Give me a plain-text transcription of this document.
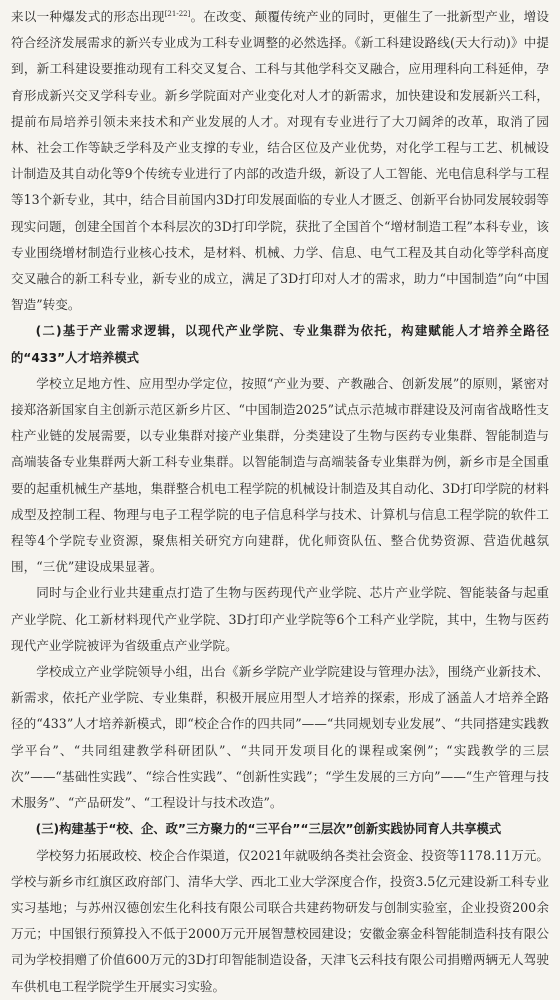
来以一种爆发式的形态出现[21-22]。在改变、颠覆传统产业的同时，更催生了一批新型产业，增设符合经济发展需求的新兴专业成为工科专业调整的必然选择。《新工科建设路线(天大行动)》中提到，新工科建设要推动现有工科交叉复合、工科与其他学科交叉融合，应用理科向工科延伸，孕育形成新兴交叉学科专业。新乡学院面对产业变化对人才的新需求，加快建设和发展新兴工科，提前布局培养引领未来技术和产业发展的人才。对现有专业进行了大刀阔斧的改革，取消了园林、社会工作等缺乏学科及产业支撑的专业，结合区位及产业优势，对化学工程与工艺、机械设计制造及其自动化等9个传统专业进行了内部的改造升级，新设了人工智能、光电信息科学与工程等13个新专业，其中，结合目前国内3D打印发展面临的专业人才匮乏、创新平台协同发展较弱等现实问题，创建全国首个本科层次的3D打印学院，获批了全国首个“增材制造工程”本科专业，该专业围绕增材制造行业核心技术，是材料、机械、力学、信息、电气工程及其自动化等学科高度交叉融合的新工科专业，新专业的成立，满足了3D打印对人才的需求，助力“中国制造”向“中国智造”转变。

(二)基于产业需求逻辑，以现代产业学院、专业集群为依托，构建赋能人才培养全路径的“433”人才培养模式

学校立足地方性、应用型办学定位，按照“产业为要、产教融合、创新发展”的原则，紧密对接郑洛新国家自主创新示范区新乡片区、“中国制造2025”试点示范城市群建设及河南省战略性支柱产业链的发展需要，以专业集群对接产业集群，分类建设了生物与医药专业集群、智能制造与高端装备专业集群两大新工科专业集群。以智能制造与高端装备专业集群为例，新乡市是全国重要的起重机械生产基地，集群整合机电工程学院的机械设计制造及其自动化、3D打印学院的材料成型及控制工程、物理与电子工程学院的电子信息科学与技术、计算机与信息工程学院的软件工程等4个学院专业资源，聚焦相关研究方向建群，优化师资队伍、整合优势资源、营造优越氛围，“三优”建设成果显著。

同时与企业行业共建重点打造了生物与医药现代产业学院、芯片产业学院、智能装备与起重产业学院、化工新材料现代产业学院、3D打印产业学院等6个工科产业学院，其中，生物与医药现代产业学院被评为省级重点产业学院。

学校成立产业学院领导小组，出台《新乡学院产业学院建设与管理办法》，围绕产业新技术、新需求，依托产业学院、专业集群，积极开展应用型人才培养的探索，形成了涵盖人才培养全路径的“433”人才培养新模式，即“校企合作的四共同”——“共同规划专业发展”、“共同搭建实践教学平台”、“共同组建教学科研团队”、“共同开发项目化的课程或案例”；“实践教学的三层次”——“基础性实践”、“综合性实践”、“创新性实践”；“学生发展的三方向”——“生产管理与技术服务”、“产品研发”、“工程设计与技术改造”。

(三)构建基于“校、企、政”三方聚力的“三平台”“三层次”创新实践协同育人共享模式

学校努力拓展政校、校企合作渠道，仅2021年就吸纳各类社会资金、投资等1178.11万元。学校与新乡市红旗区政府部门、清华大学、西北工业大学深度合作，投资3.5亿元建设新工科专业实习基地；与苏州汉德创宏生化科技有限公司联合共建药物研发与创制实验室，企业投资200余万元；中国银行预算投入不低于2000万元开展智慧校园建设；安徽金寨金科智能制造科技有限公司为学校捐赠了价值600万元的3D打印智能制造设备，天津飞云科技有限公司捐赠两辆无人驾驶车供机电工程学院学生开展实习实验。
